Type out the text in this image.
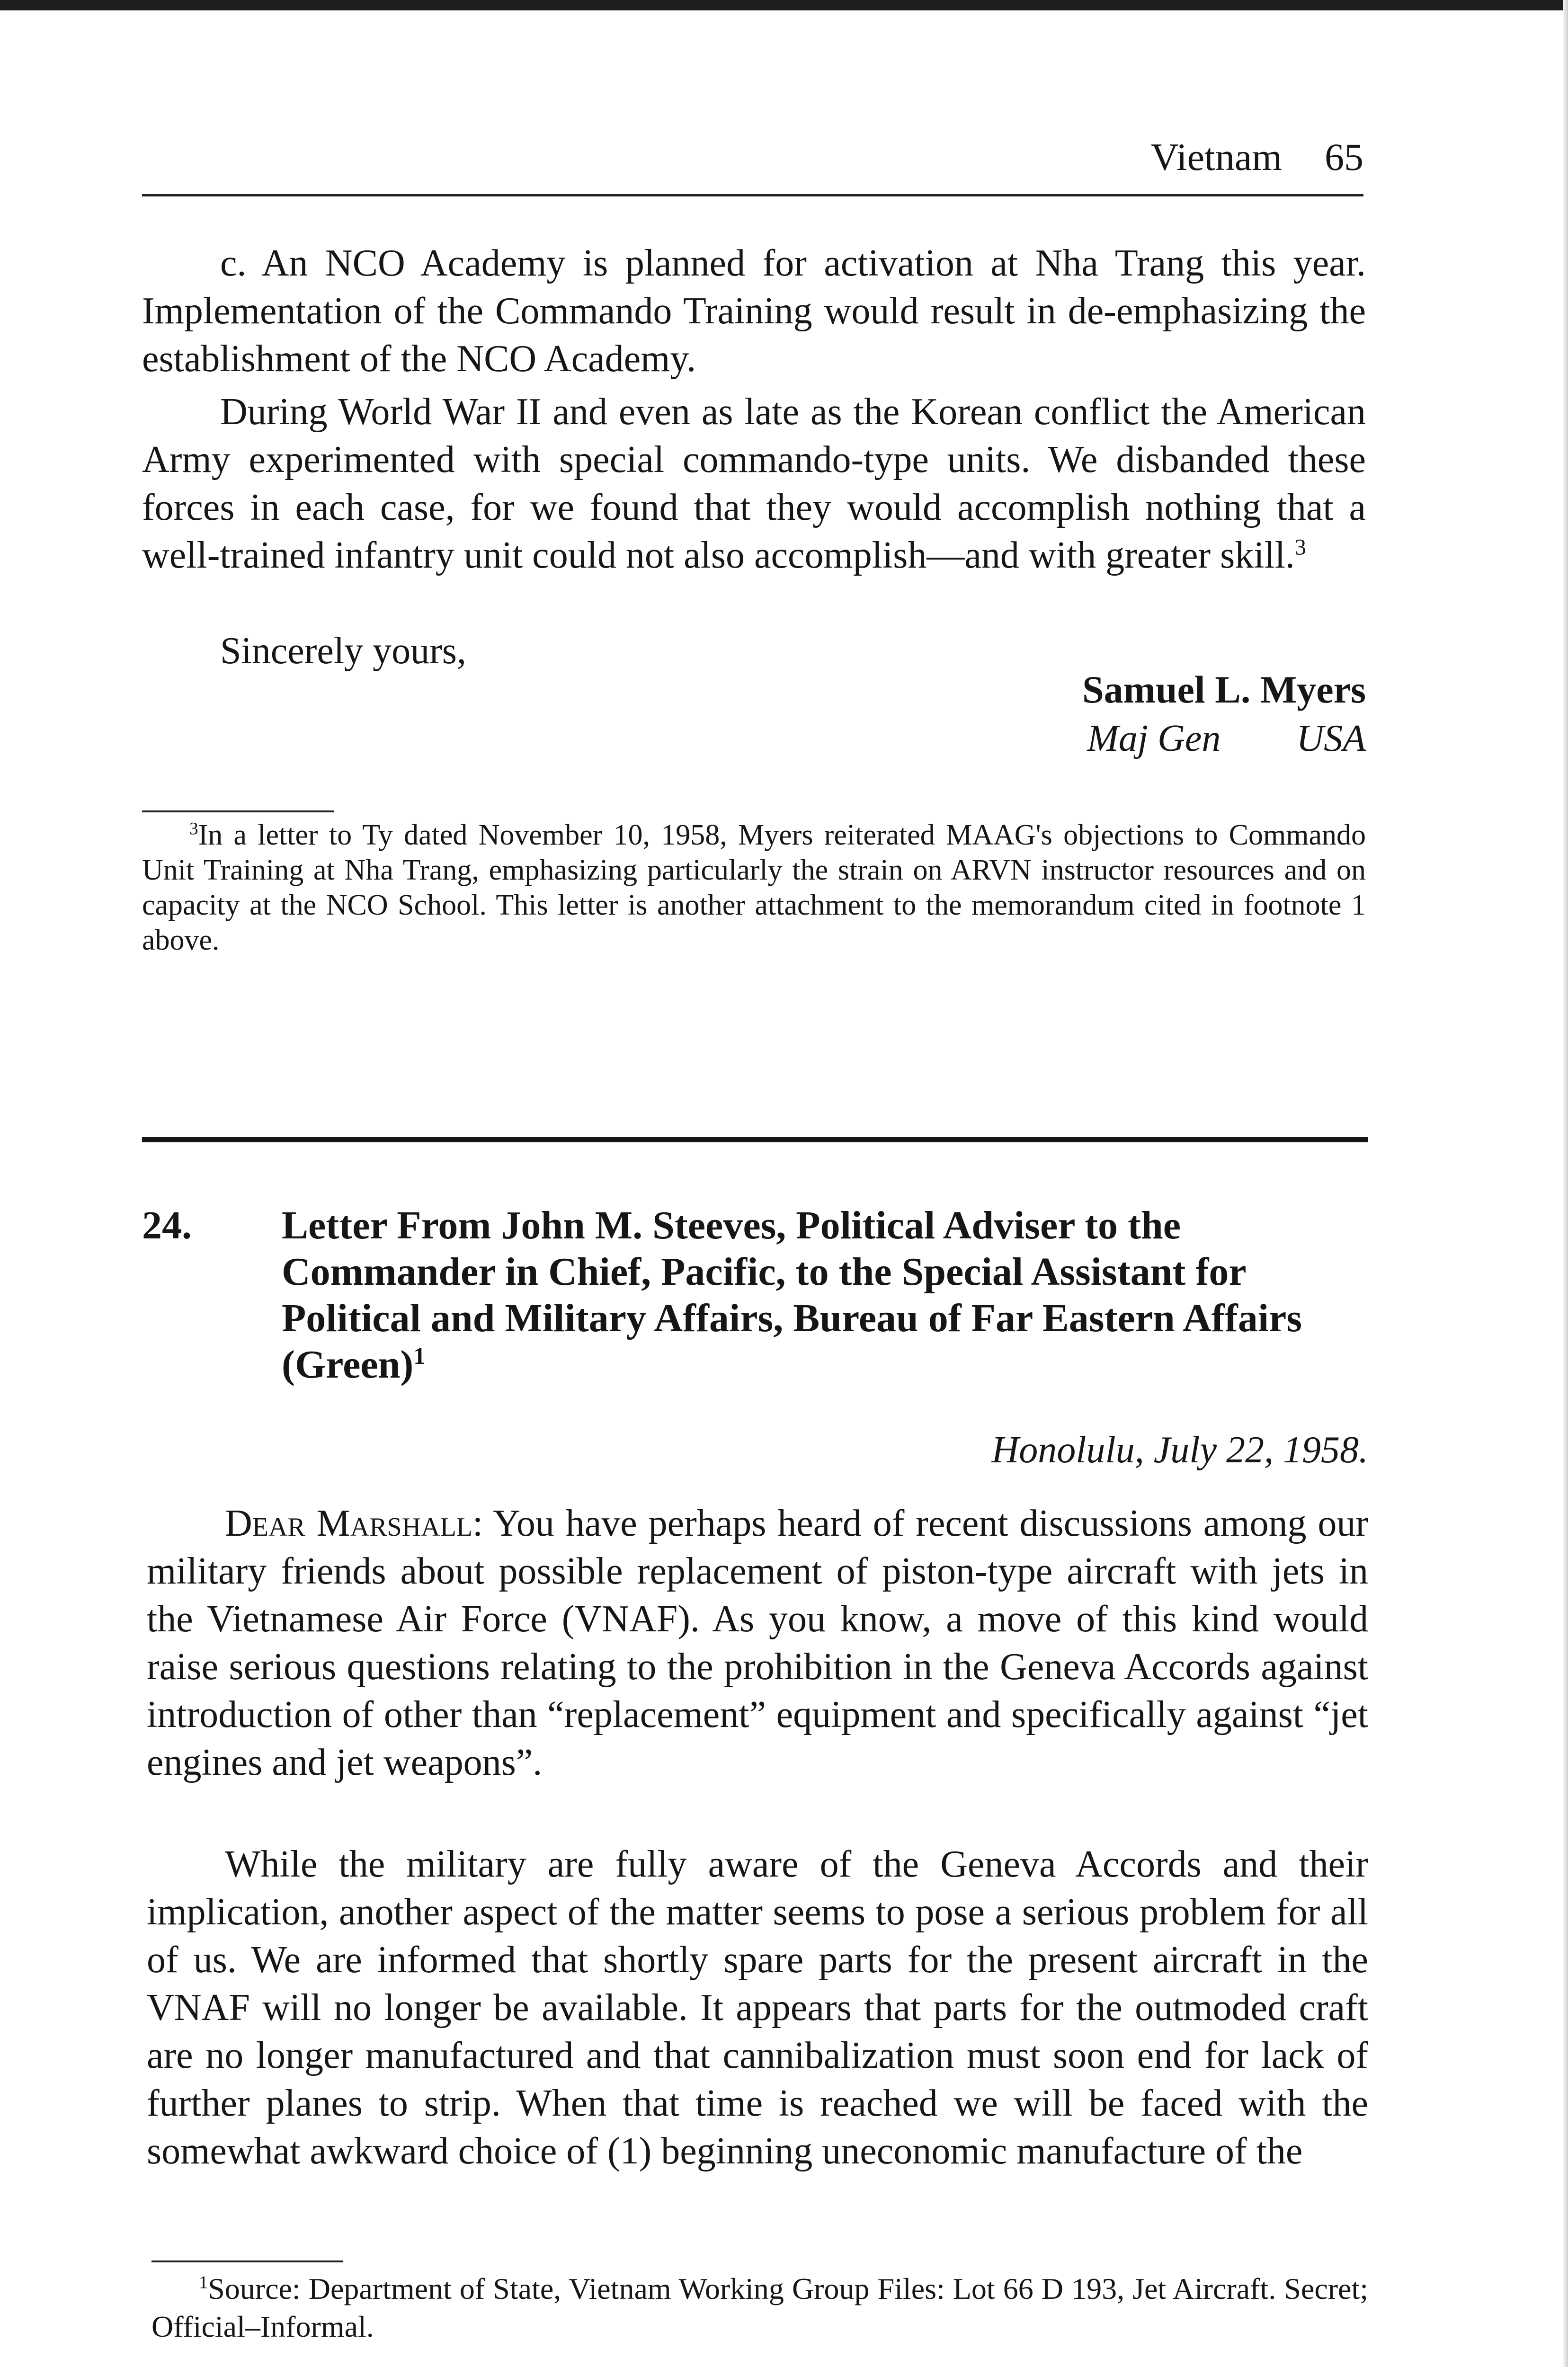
Vietnam 65

c. An NCO Academy is planned for activation at Nha Trang this year. Implementation of the Commando Training would result in de-emphasizing the establishment of the NCO Academy.

During World War II and even as late as the Korean conflict the American Army experimented with special commando-type units. We disbanded these forces in each case, for we found that they would accomplish nothing that a well-trained infantry unit could not also accomplish—and with greater skill.$^3$

Sincerely yours,

Samuel L. Myers
Maj Gen USA

$^3$In a letter to Ty dated November 10, 1958, Myers reiterated MAAG's objections to Commando Unit Training at Nha Trang, emphasizing particularly the strain on ARVN instructor resources and on capacity at the NCO School. This letter is another attachment to the memorandum cited in footnote 1 above.

24. Letter From John M. Steeves, Political Adviser to the Commander in Chief, Pacific, to the Special Assistant for Political and Military Affairs, Bureau of Far Eastern Affairs (Green)$^1$

Honolulu, July 22, 1958.

Dear Marshall: You have perhaps heard of recent discussions among our military friends about possible replacement of piston-type aircraft with jets in the Vietnamese Air Force (VNAF). As you know, a move of this kind would raise serious questions relating to the prohibition in the Geneva Accords against introduction of other than “replacement” equipment and specifically against “jet engines and jet weapons”.

While the military are fully aware of the Geneva Accords and their implication, another aspect of the matter seems to pose a serious problem for all of us. We are informed that shortly spare parts for the present aircraft in the VNAF will no longer be available. It appears that parts for the outmoded craft are no longer manufactured and that cannibalization must soon end for lack of further planes to strip. When that time is reached we will be faced with the somewhat awkward choice of (1) beginning uneconomic manufacture of the

$^1$Source: Department of State, Vietnam Working Group Files: Lot 66 D 193, Jet Aircraft. Secret; Official–Informal.
